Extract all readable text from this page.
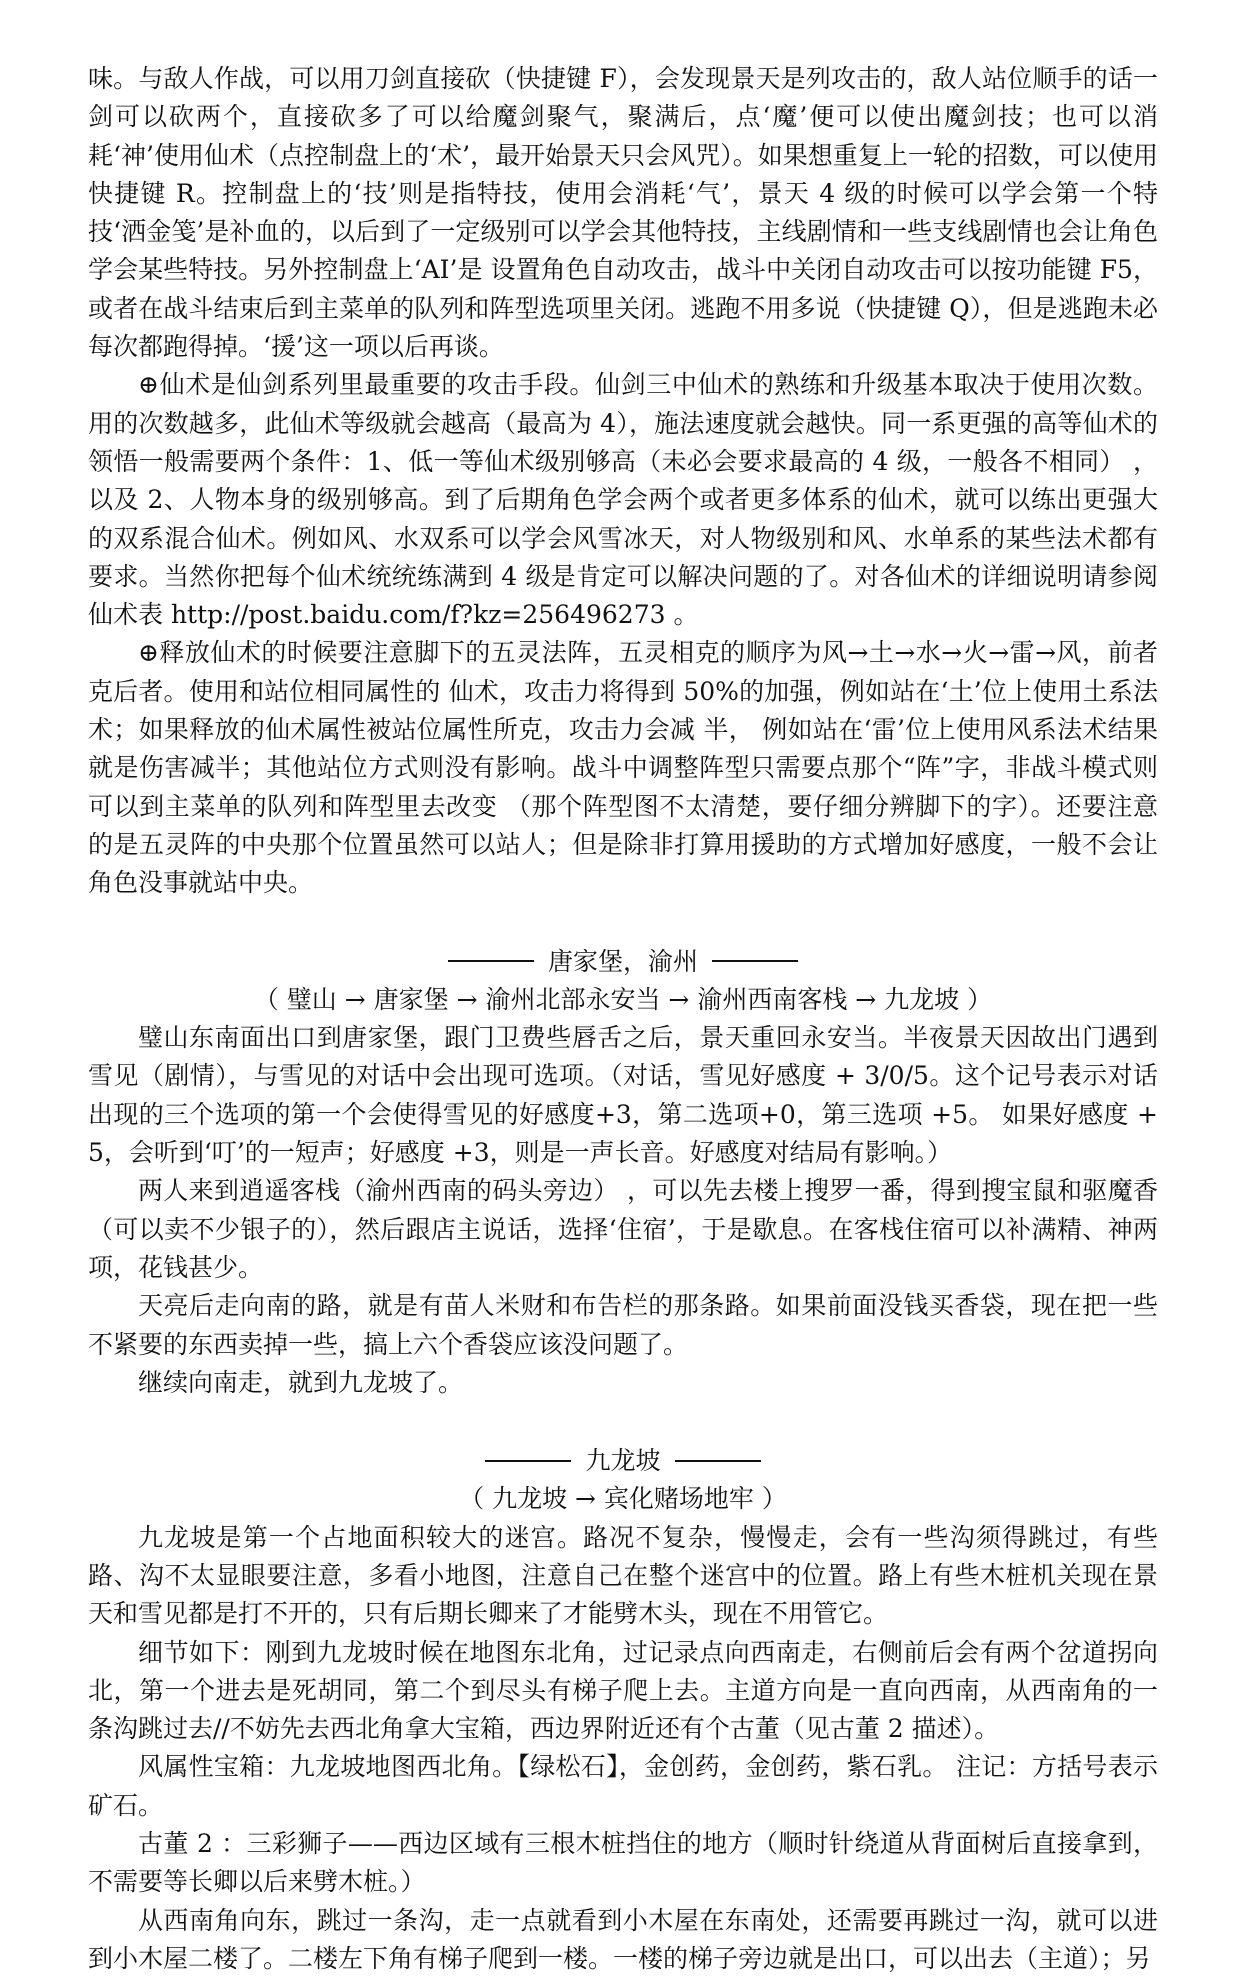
味。与敌人作战，可以用刀剑直接砍（快捷键 F），会发现景天是列攻击的，敌人站位顺手的话一剑可以砍两个，直接砍多了可以给魔剑聚气，聚满后，点‘魔’便可以使出魔剑技；也可以消耗‘神’使用仙术（点控制盘上的‘术’，最开始景天只会风咒）。如果想重复上一轮的招数，可以使用快捷键 R。控制盘上的‘技’则是指特技，使用会消耗‘气’，景天 4 级的时候可以学会第一个特技‘洒金笺’是补血的，以后到了一定级别可以学会其他特技，主线剧情和一些支线剧情也会让角色学会某些特技。另外控制盘上‘AI’是 设置角色自动攻击，战斗中关闭自动攻击可以按功能键 F5，或者在战斗结束后到主菜单的队列和阵型选项里关闭。逃跑不用多说（快捷键 Q），但是逃跑未必每次都跑得掉。‘援’这一项以后再谈。

⊕仙术是仙剑系列里最重要的攻击手段。仙剑三中仙术的熟练和升级基本取决于使用次数。用的次数越多，此仙术等级就会越高（最高为 4），施法速度就会越快。同一系更强的高等仙术的领悟一般需要两个条件：1、低一等仙术级别够高（未必会要求最高的 4 级，一般各不相同） ，以及 2、人物本身的级别够高。到了后期角色学会两个或者更多体系的仙术，就可以练出更强大的双系混合仙术。例如风、水双系可以学会风雪冰天，对人物级别和风、水单系的某些法术都有要求。当然你把每个仙术统统练满到 4 级是肯定可以解决问题的了。对各仙术的详细说明请参阅仙术表 http://post.baidu.com/f?kz=256496273 。

⊕释放仙术的时候要注意脚下的五灵法阵，五灵相克的顺序为风→土→水→火→雷→风，前者克后者。使用和站位相同属性的 仙术，攻击力将得到 50%的加强，例如站在‘土’位上使用土系法术；如果释放的仙术属性被站位属性所克，攻击力会减 半， 例如站在‘雷’位上使用风系法术结果就是伤害减半；其他站位方式则没有影响。战斗中调整阵型只需要点那个“阵”字，非战斗模式则可以到主菜单的队列和阵型里去改变 （那个阵型图不太清楚，要仔细分辨脚下的字）。还要注意的是五灵阵的中央那个位置虽然可以站人；但是除非打算用援助的方式增加好感度，一般不会让角色没事就站中央。

唐家堡，渝州
（ 璧山 → 唐家堡 → 渝州北部永安当 → 渝州西南客栈 → 九龙坡 ）

璧山东南面出口到唐家堡，跟门卫费些唇舌之后，景天重回永安当。半夜景天因故出门遇到雪见（剧情），与雪见的对话中会出现可选项。（对话，雪见好感度 + 3/0/5。这个记号表示对话出现的三个选项的第一个会使得雪见的好感度+3，第二选项+0，第三选项 +5。 如果好感度 +5，会听到‘叮’的一短声；好感度 +3，则是一声长音。好感度对结局有影响。）

两人来到逍遥客栈（渝州西南的码头旁边） ，可以先去楼上搜罗一番，得到搜宝鼠和驱魔香（可以卖不少银子的），然后跟店主说话，选择‘住宿’，于是歇息。在客栈住宿可以补满精、神两项，花钱甚少。

天亮后走向南的路，就是有苗人米财和布告栏的那条路。如果前面没钱买香袋，现在把一些不紧要的东西卖掉一些，搞上六个香袋应该没问题了。

继续向南走，就到九龙坡了。

九龙坡
（ 九龙坡 → 宾化赌场地牢 ）

九龙坡是第一个占地面积较大的迷宫。路况不复杂，慢慢走，会有一些沟须得跳过，有些路、沟不太显眼要注意，多看小地图，注意自己在整个迷宫中的位置。路上有些木桩机关现在景天和雪见都是打不开的，只有后期长卿来了才能劈木头，现在不用管它。

细节如下：刚到九龙坡时候在地图东北角，过记录点向西南走，右侧前后会有两个岔道拐向北，第一个进去是死胡同，第二个到尽头有梯子爬上去。主道方向是一直向西南，从西南角的一条沟跳过去//不妨先去西北角拿大宝箱，西边界附近还有个古董（见古董 2 描述）。

风属性宝箱：九龙坡地图西北角。【绿松石】，金创药，金创药，紫石乳。 注记：方括号表示矿石。

古董 2 ：三彩狮子——西边区域有三根木桩挡住的地方（顺时针绕道从背面树后直接拿到，不需要等长卿以后来劈木桩。）

从西南角向东，跳过一条沟，走一点就看到小木屋在东南处，还需要再跳过一沟，就可以进到小木屋二楼了。二楼左下角有梯子爬到一楼。一楼的梯子旁边就是出口，可以出去（主道）；另
